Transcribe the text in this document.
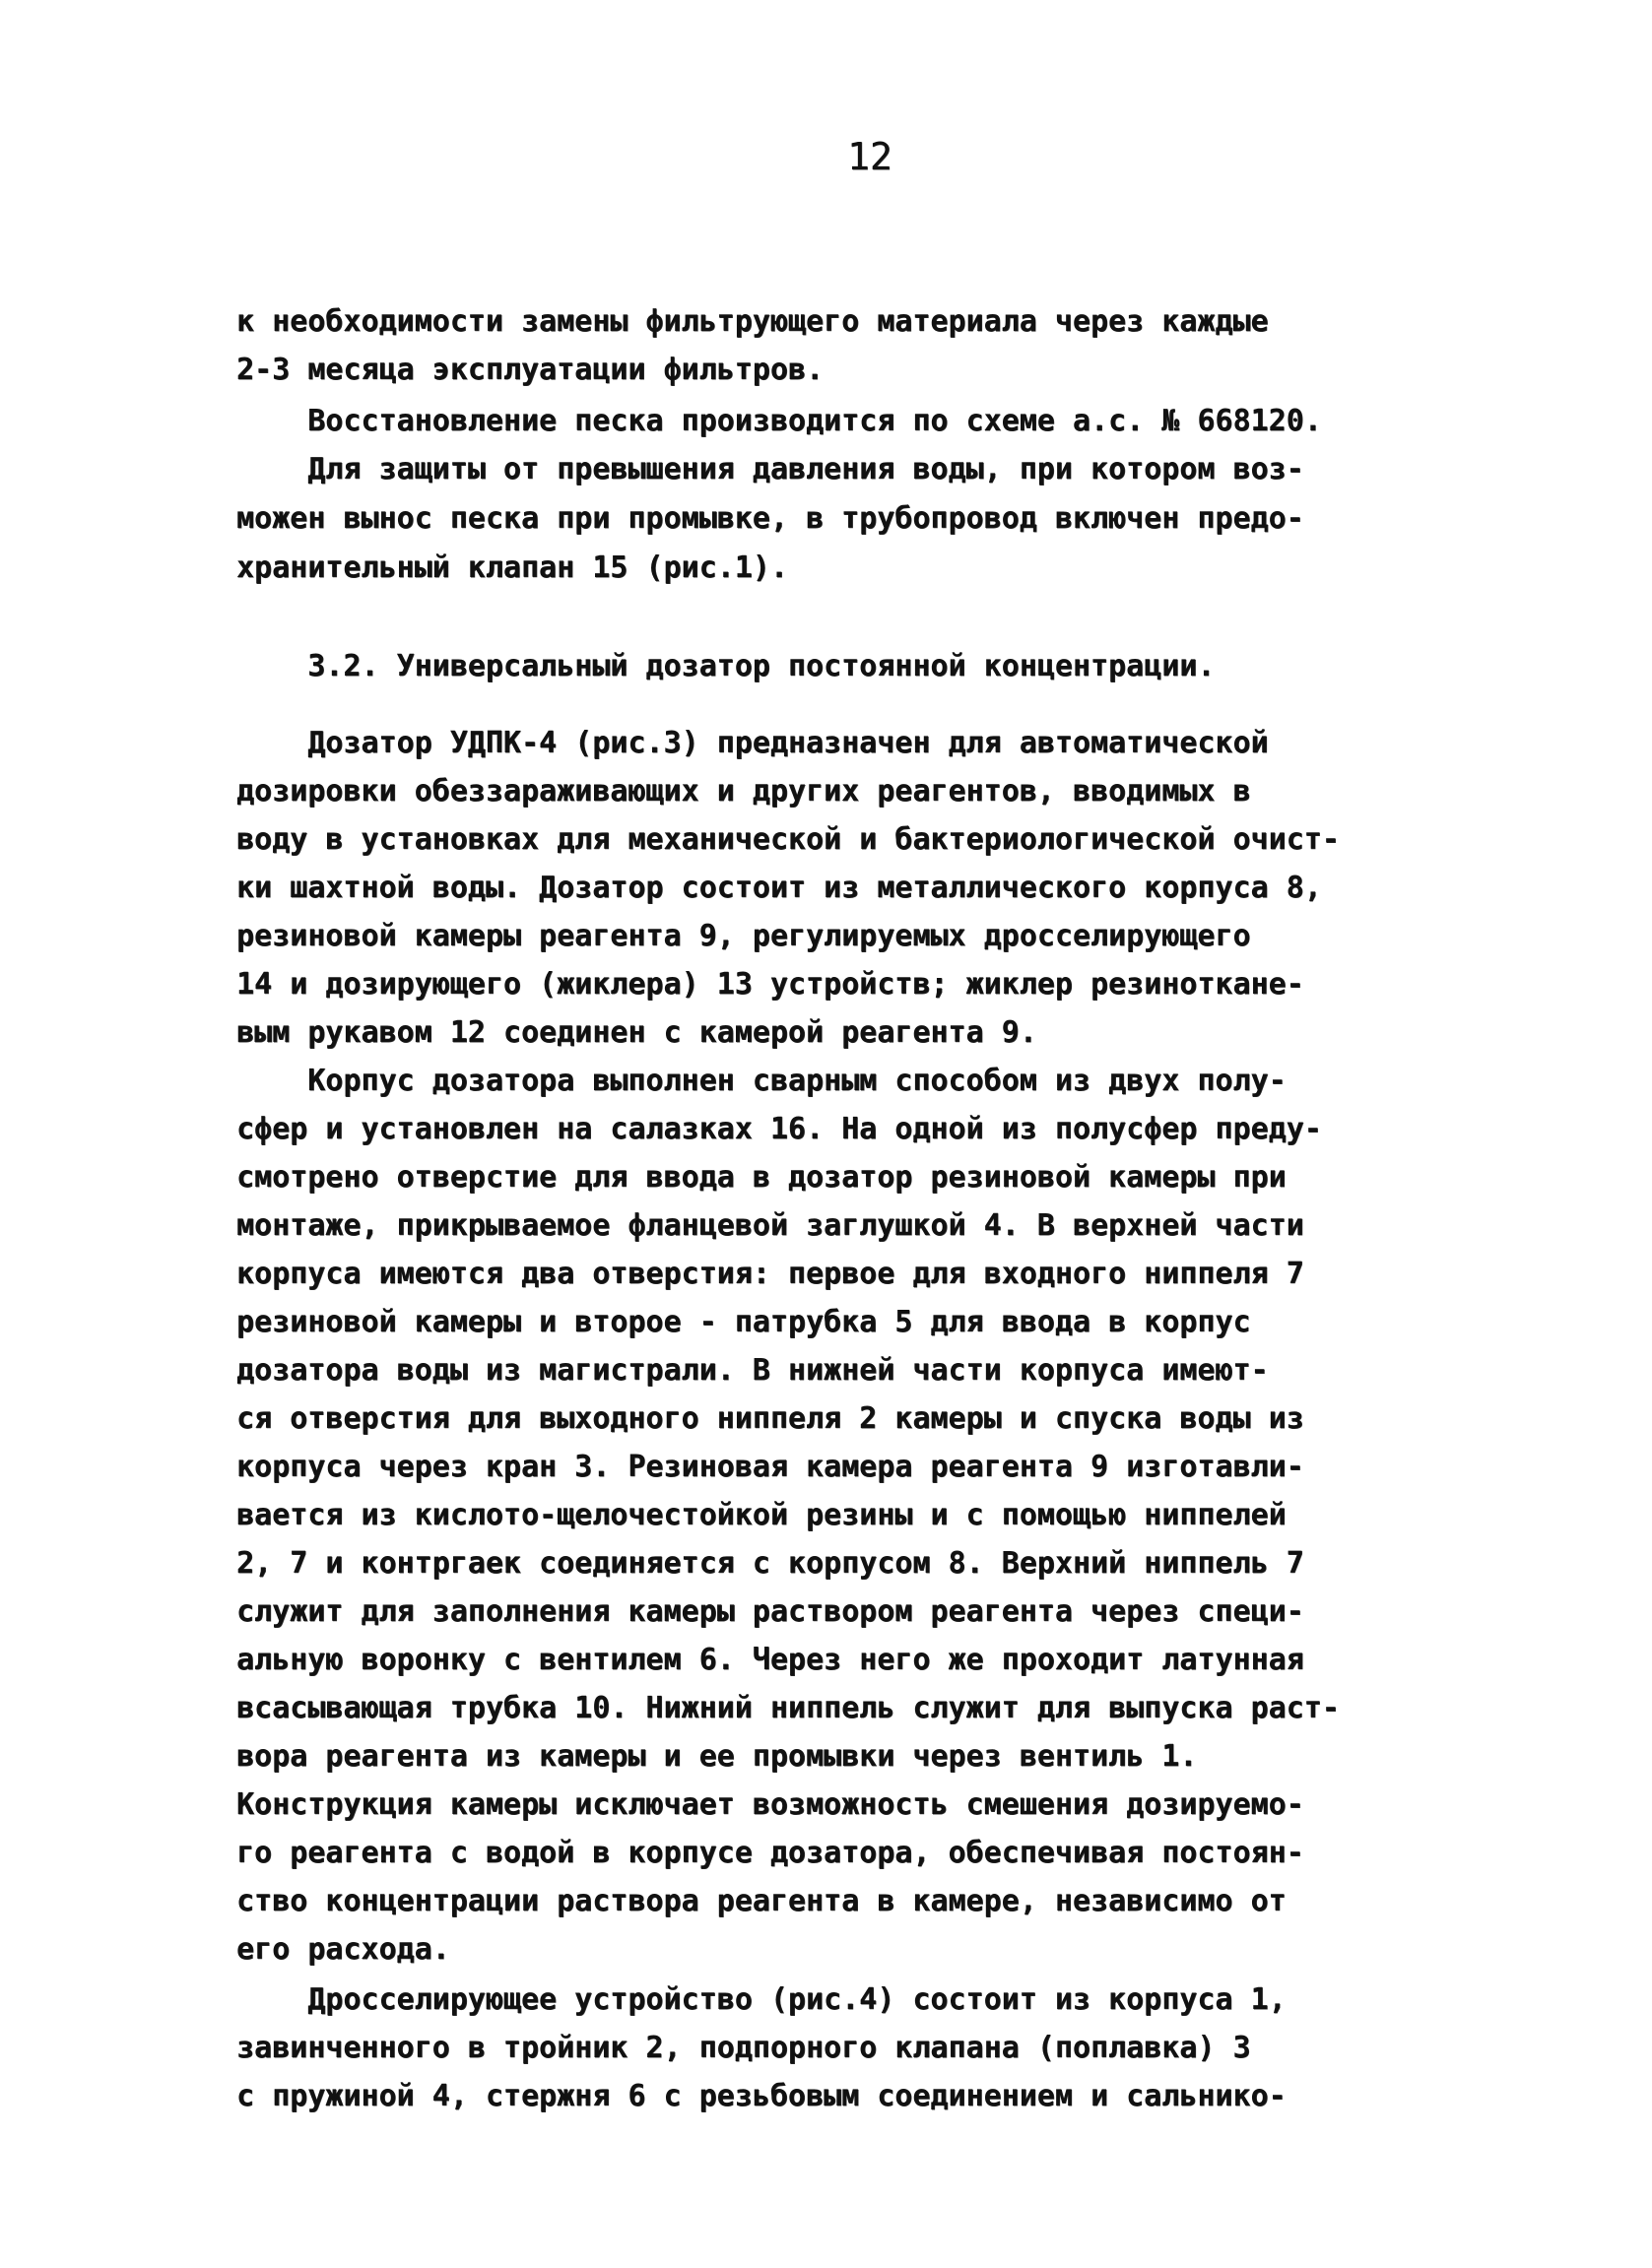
12
к необходимости замены фильтрующего материала через каждые
2-3 месяца эксплуатации фильтров.
Восстановление песка производится по схеме а.с. № 668120.
Для защиты от превышения давления воды, при котором воз-
можен вынос песка при промывке, в трубопровод включен предо-
хранительный клапан 15 (рис.1).
3.2. Универсальный дозатор постоянной концентрации.
Дозатор УДПК-4 (рис.3) предназначен для автоматической
дозировки обеззараживающих и других реагентов, вводимых в
воду в установках для механической и бактериологической очист-
ки шахтной воды. Дозатор состоит из металлического корпуса 8,
резиновой камеры реагента 9, регулируемых дросселирующего
14 и дозирующего (жиклера) 13 устройств; жиклер резинотканe-
вым рукавом 12 соединен с камерой реагента 9.
Корпус дозатора выполнен сварным способом из двух полу-
сфер и установлен на салазках 16. На одной из полусфер преду-
смотрено отверстие для ввода в дозатор резиновой камеры при
монтаже, прикрываемое фланцевой заглушкой 4. В верхней части
корпуса имеются два отверстия: первое для входного ниппеля 7
резиновой камеры и второе - патрубка 5 для ввода в корпус
дозатора воды из магистрали. В нижней части корпуса имеют-
ся отверстия для выходного ниппеля 2 камеры и спуска воды из
корпуса через кран 3. Резиновая камера реагента 9 изготавли-
вается из кислото-щелочестойкой резины и с помощью ниппелей
2, 7 и контргаек соединяется с корпусом 8. Верхний ниппель 7
служит для заполнения камеры раствором реагента через специ-
альную воронку с вентилем 6. Через него же проходит латунная
всасывающая трубка 10. Нижний ниппель служит для выпуска раст-
вора реагента из камеры и ее промывки через вентиль 1.
Конструкция камеры исключает возможность смешения дозируемо-
го реагента с водой в корпусе дозатора, обеспечивая постоян-
ство концентрации раствора реагента в камере, независимо от
его расхода.
Дросселирующее устройство (рис.4) состоит из корпуса 1,
завинченного в тройник 2, подпорного клапана (поплавка) 3
с пружиной 4, стержня 6 с резьбовым соединением и сальнико-
